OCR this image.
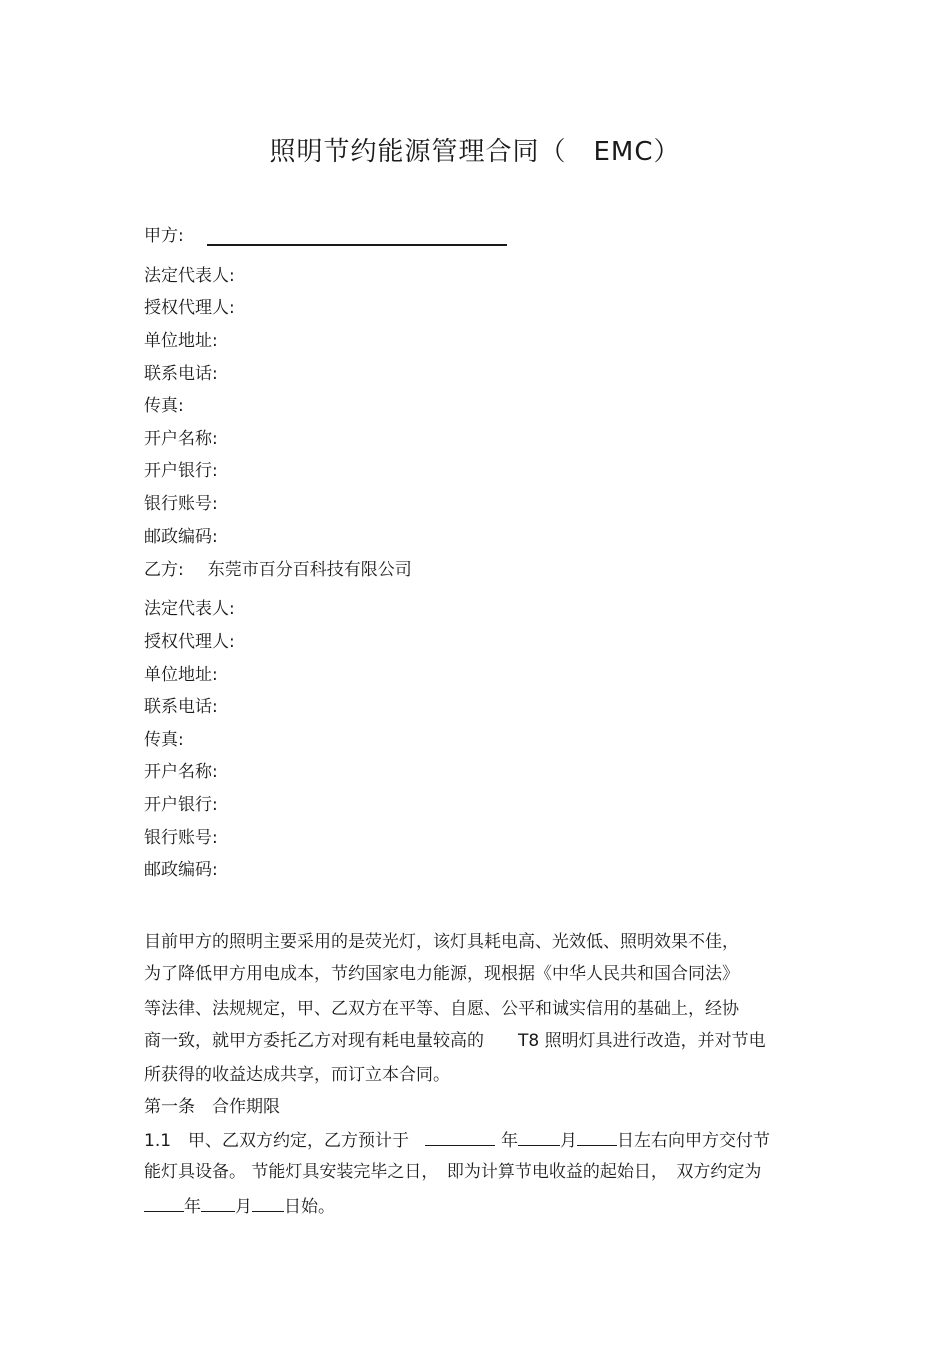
照明节约能源管理合同（　EMC）
甲方:
法定代表人:
授权代理人:
单位地址:
联系电话:
传真:
开户名称:
开户银行:
银行账号:
邮政编码:
乙方: 东莞市百分百科技有限公司
法定代表人:
授权代理人:
单位地址:
联系电话:
传真:
开户名称:
开户银行:
银行账号:
邮政编码:
目前甲方的照明主要采用的是荧光灯，该灯具耗电高、光效低、照明效果不佳，
为了降低甲方用电成本，节约国家电力能源，现根据《中华人民共和国合同法》
等法律、法规规定，甲、乙双方在平等、自愿、公平和诚实信用的基础上，经协
商一致，就甲方委托乙方对现有耗电量较高的　　T8 照明灯具进行改造，并对节电
所获得的收益达成共享，而订立本合同。
第一条　合作期限
1.1　甲、乙双方约定，乙方预计于	年 月 日左右向甲方交付节
能灯具设备。 节能灯具安装完毕之日，　即为计算节电收益的起始日，　双方约定为
年 月 日始。
